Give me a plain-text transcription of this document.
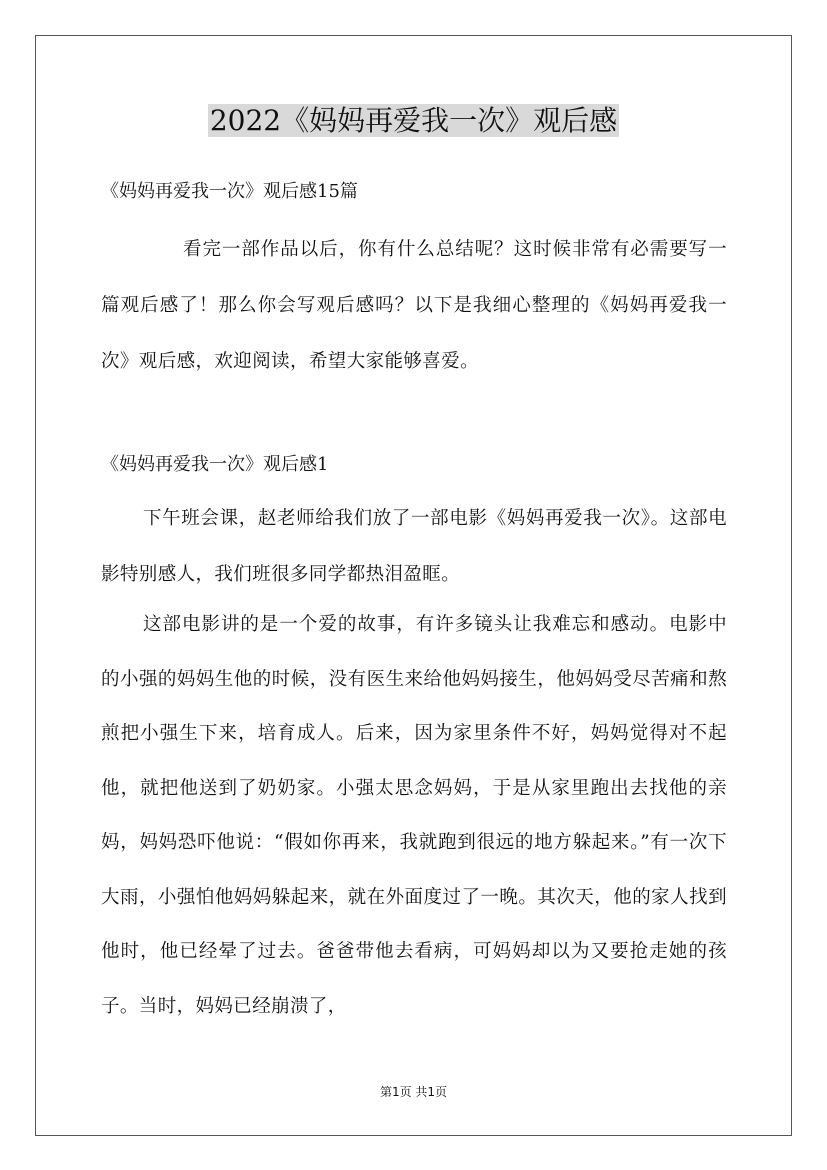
2022《妈妈再爱我一次》观后感

《妈妈再爱我一次》观后感15篇

看完一部作品以后，你有什么总结呢？这时候非常有必需要写一篇观后感了！那么你会写观后感吗？以下是我细心整理的《妈妈再爱我一次》观后感，欢迎阅读，希望大家能够喜爱。

《妈妈再爱我一次》观后感1

下午班会课，赵老师给我们放了一部电影《妈妈再爱我一次》。这部电影特别感人，我们班很多同学都热泪盈眶。

这部电影讲的是一个爱的故事，有许多镜头让我难忘和感动。电影中的小强的妈妈生他的时候，没有医生来给他妈妈接生，他妈妈受尽苦痛和熬煎把小强生下来，培育成人。后来，因为家里条件不好，妈妈觉得对不起他，就把他送到了奶奶家。小强太思念妈妈，于是从家里跑出去找他的亲妈，妈妈恐吓他说：“假如你再来，我就跑到很远的地方躲起来。”有一次下大雨，小强怕他妈妈躲起来，就在外面度过了一晚。其次天，他的家人找到他时，他已经晕了过去。爸爸带他去看病，可妈妈却以为又要抢走她的孩子。当时，妈妈已经崩溃了，

第1页 共1页
